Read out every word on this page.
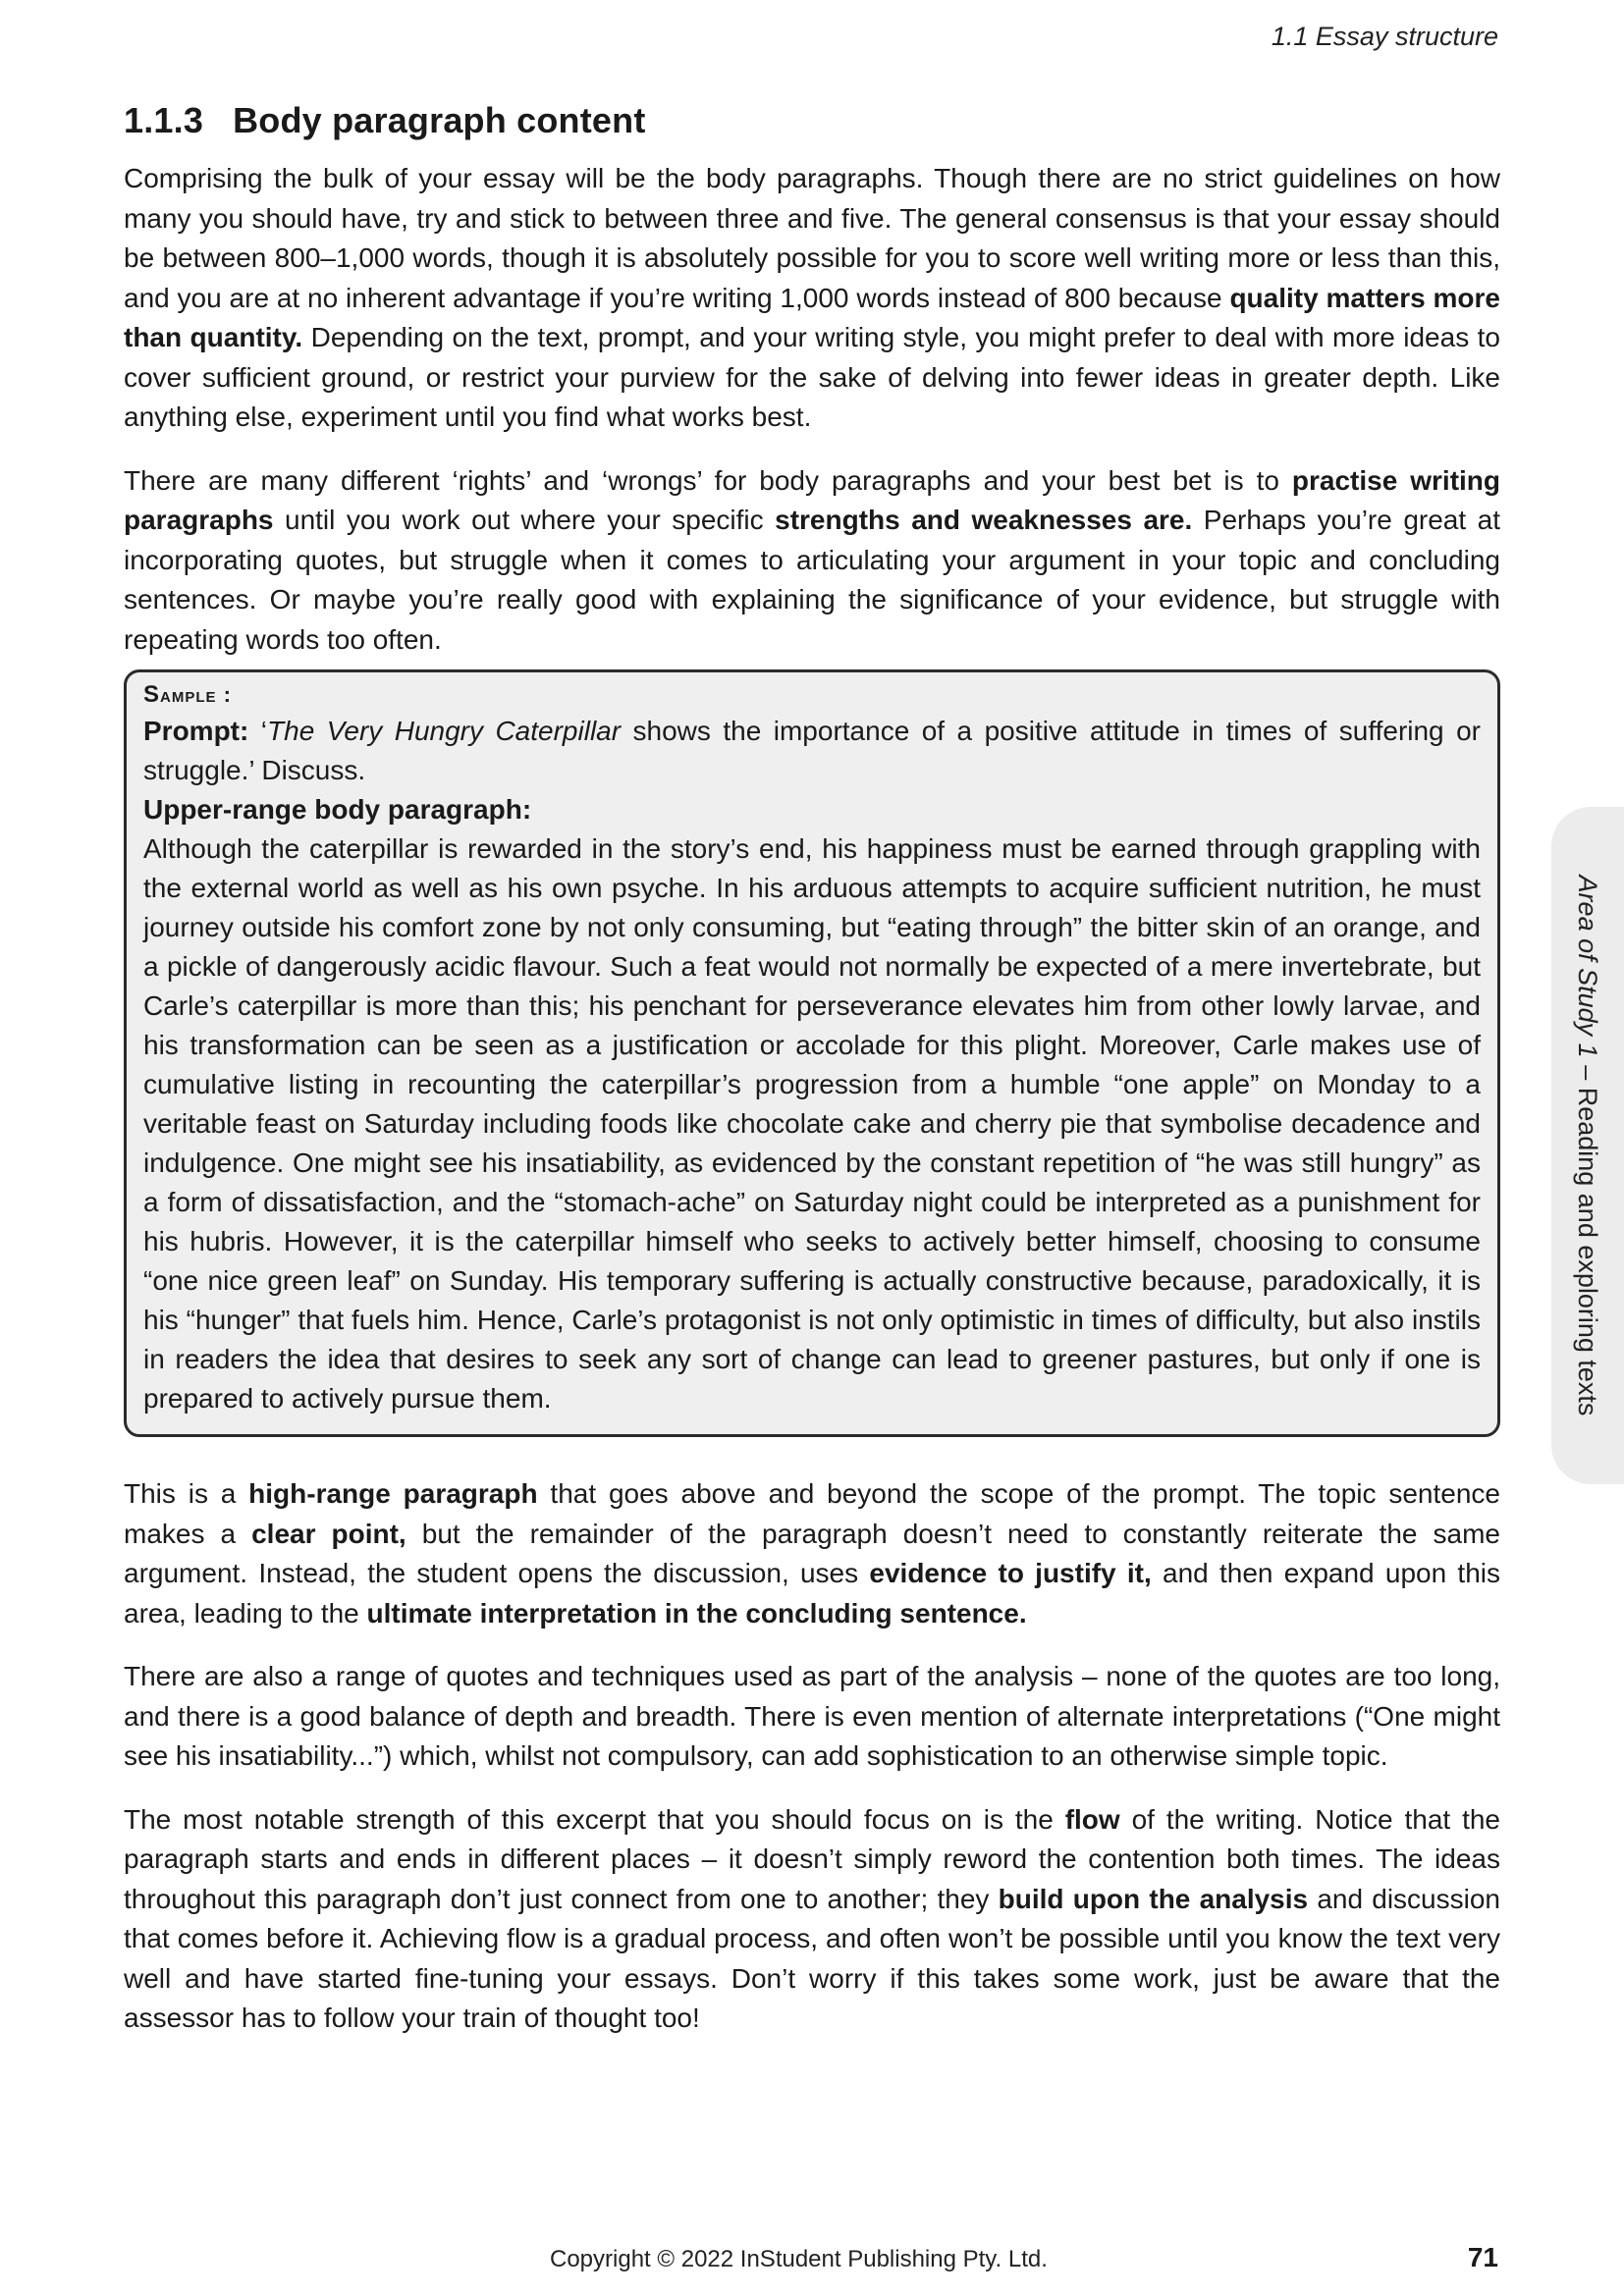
1.1 Essay structure
1.1.3 Body paragraph content

Comprising the bulk of your essay will be the body paragraphs. Though there are no strict guidelines on how many you should have, try and stick to between three and five. The general consensus is that your essay should be between 800–1,000 words, though it is absolutely possible for you to score well writing more or less than this, and you are at no inherent advantage if you’re writing 1,000 words instead of 800 because quality matters more than quantity. Depending on the text, prompt, and your writing style, you might prefer to deal with more ideas to cover sufficient ground, or restrict your purview for the sake of delving into fewer ideas in greater depth. Like anything else, experiment until you find what works best.

There are many different ‘rights’ and ‘wrongs’ for body paragraphs and your best bet is to practise writing paragraphs until you work out where your specific strengths and weaknesses are. Perhaps you’re great at incorporating quotes, but struggle when it comes to articulating your argument in your topic and concluding sentences. Or maybe you’re really good with explaining the significance of your evidence, but struggle with repeating words too often.

Sample :

Prompt: ‘The Very Hungry Caterpillar shows the importance of a positive attitude in times of suffering or struggle.’ Discuss.

Upper-range body paragraph:

Although the caterpillar is rewarded in the story’s end, his happiness must be earned through grappling with the external world as well as his own psyche. In his arduous attempts to acquire sufficient nutrition, he must journey outside his comfort zone by not only consuming, but “eating through” the bitter skin of an orange, and a pickle of dangerously acidic flavour. Such a feat would not normally be expected of a mere invertebrate, but Carle’s caterpillar is more than this; his penchant for perseverance elevates him from other lowly larvae, and his transformation can be seen as a justification or accolade for this plight. Moreover, Carle makes use of cumulative listing in recounting the caterpillar’s progression from a humble “one apple” on Monday to a veritable feast on Saturday including foods like chocolate cake and cherry pie that symbolise decadence and indulgence. One might see his insatiability, as evidenced by the constant repetition of “he was still hungry” as a form of dissatisfaction, and the “stomach-ache” on Saturday night could be interpreted as a punishment for his hubris. However, it is the caterpillar himself who seeks to actively better himself, choosing to consume “one nice green leaf” on Sunday. His temporary suffering is actually constructive because, paradoxically, it is his “hunger” that fuels him. Hence, Carle’s protagonist is not only optimistic in times of difficulty, but also instils in readers the idea that desires to seek any sort of change can lead to greener pastures, but only if one is prepared to actively pursue them.

This is a high-range paragraph that goes above and beyond the scope of the prompt. The topic sentence makes a clear point, but the remainder of the paragraph doesn’t need to constantly reiterate the same argument. Instead, the student opens the discussion, uses evidence to justify it, and then expand upon this area, leading to the ultimate interpretation in the concluding sentence.

There are also a range of quotes and techniques used as part of the analysis – none of the quotes are too long, and there is a good balance of depth and breadth. There is even mention of alternate interpretations (“One might see his insatiability...”) which, whilst not compulsory, can add sophistication to an otherwise simple topic.

The most notable strength of this excerpt that you should focus on is the flow of the writing. Notice that the paragraph starts and ends in different places – it doesn’t simply reword the contention both times. The ideas throughout this paragraph don’t just connect from one to another; they build upon the analysis and discussion that comes before it. Achieving flow is a gradual process, and often won’t be possible until you know the text very well and have started fine-tuning your essays. Don’t worry if this takes some work, just be aware that the assessor has to follow your train of thought too!

Area of Study 1

– Reading and exploring texts
Copyright © 2022 InStudent Publishing Pty. Ltd.	71
